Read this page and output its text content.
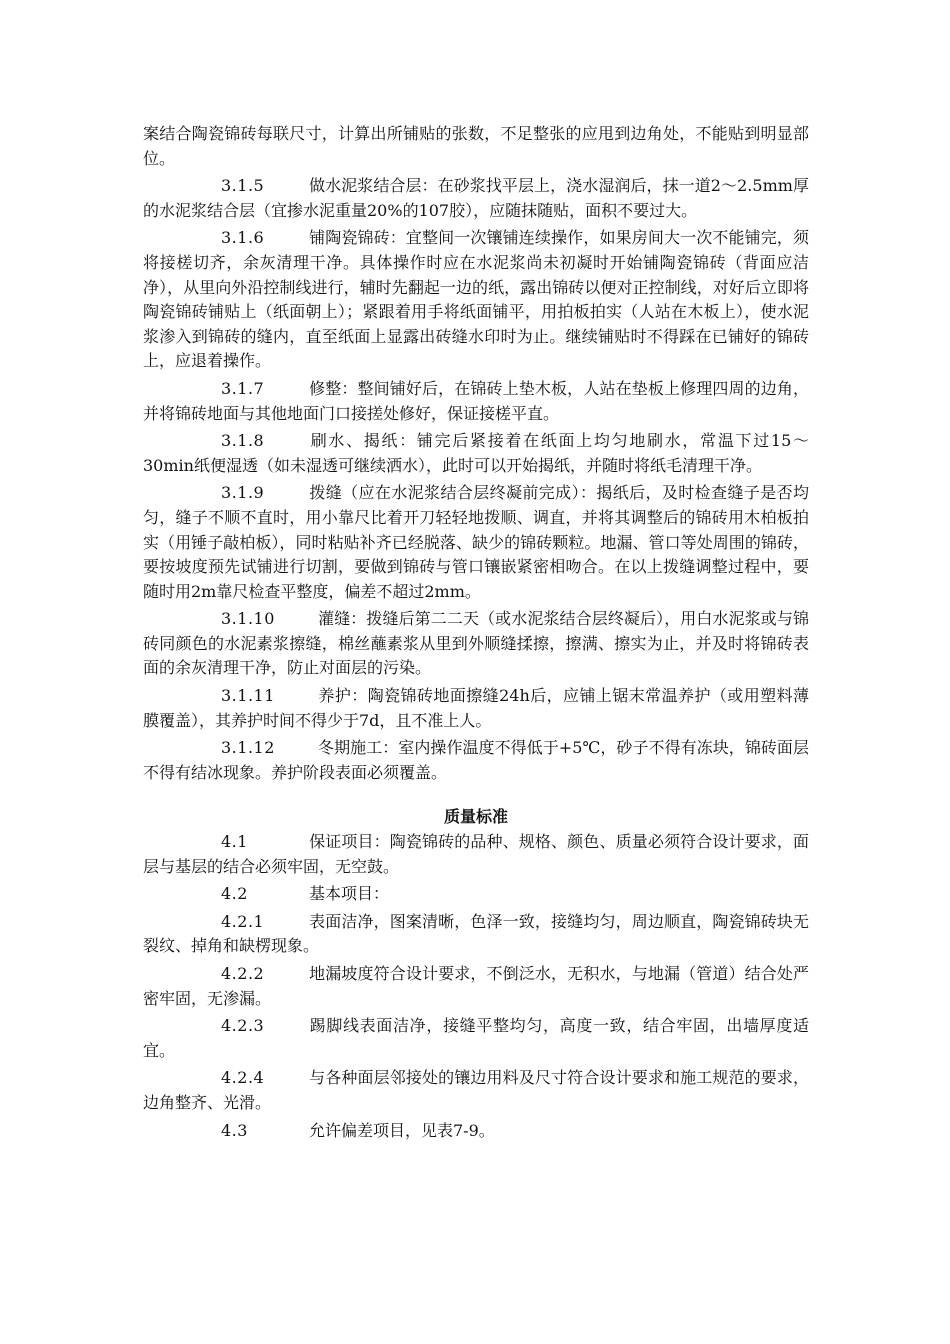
案结合陶瓷锦砖每联尺寸，计算出所铺贴的张数，不足整张的应甩到边角处，不能贴到明显部位。

3.1.5	做水泥浆结合层：在砂浆找平层上，浇水湿润后，抹一道2～2.5mm厚的水泥浆结合层（宜掺水泥重量20%的107胶），应随抹随贴，面积不要过大。

3.1.6	铺陶瓷锦砖：宜整间一次镶铺连续操作，如果房间大一次不能铺完，须将接槎切齐，余灰清理干净。具体操作时应在水泥浆尚未初凝时开始铺陶瓷锦砖（背面应洁净），从里向外沿控制线进行，辅时先翻起一边的纸，露出锦砖以便对正控制线，对好后立即将陶瓷锦砖铺贴上（纸面朝上）；紧跟着用手将纸面铺平，用拍板拍实（人站在木板上），使水泥浆渗入到锦砖的缝内，直至纸面上显露出砖缝水印时为止。继续铺贴时不得踩在已铺好的锦砖上，应退着操作。

3.1.7	修整：整间铺好后，在锦砖上垫木板，人站在垫板上修理四周的边角，并将锦砖地面与其他地面门口接搓处修好，保证接槎平直。

3.1.8	刷水、揭纸：铺完后紧接着在纸面上均匀地刷水，常温下过15～30min纸便湿透（如未湿透可继续洒水），此时可以开始揭纸，并随时将纸毛清理干净。

3.1.9	拨缝（应在水泥浆结合层终凝前完成）：揭纸后，及时检查缝子是否均匀，缝子不顺不直时，用小靠尺比着开刀轻轻地拨顺、调直，并将其调整后的锦砖用木柏板拍实（用锤子敲柏板），同时粘贴补齐已经脱落、缺少的锦砖颗粒。地漏、管口等处周围的锦砖，要按坡度预先试铺进行切割，要做到锦砖与管口镶嵌紧密相吻合。在以上拨缝调整过程中，要随时用2m靠尺检查平整度，偏差不超过2mm。

3.1.10	灌缝：拨缝后第二二天（或水泥浆结合层终凝后），用白水泥浆或与锦砖同颜色的水泥素浆擦缝，棉丝蘸素浆从里到外顺缝揉擦，擦满、擦实为止，并及时将锦砖表面的余灰清理干净，防止对面层的污染。

3.1.11	养护：陶瓷锦砖地面擦缝24h后，应铺上锯末常温养护（或用塑料薄膜覆盖），其养护时间不得少于7d，且不准上人。

3.1.12	冬期施工：室内操作温度不得低于+5℃，砂子不得有冻块，锦砖面层不得有结冰现象。养护阶段表面必须覆盖。

质量标准

4.1	保证项目：陶瓷锦砖的品种、规格、颜色、质量必须符合设计要求，面层与基层的结合必须牢固，无空鼓。

4.2	基本项目：

4.2.1	表面洁净，图案清晰，色泽一致，接缝均匀，周边顺直，陶瓷锦砖块无裂纹、掉角和缺楞现象。

4.2.2	地漏坡度符合设计要求，不倒泛水，无积水，与地漏（管道）结合处严密牢固，无渗漏。

4.2.3	踢脚线表面洁净，接缝平整均匀，高度一致，结合牢固，出墙厚度适宜。

4.2.4	与各种面层邻接处的镶边用料及尺寸符合设计要求和施工规范的要求，边角整齐、光滑。

4.3	允许偏差项目，见表7-9。
